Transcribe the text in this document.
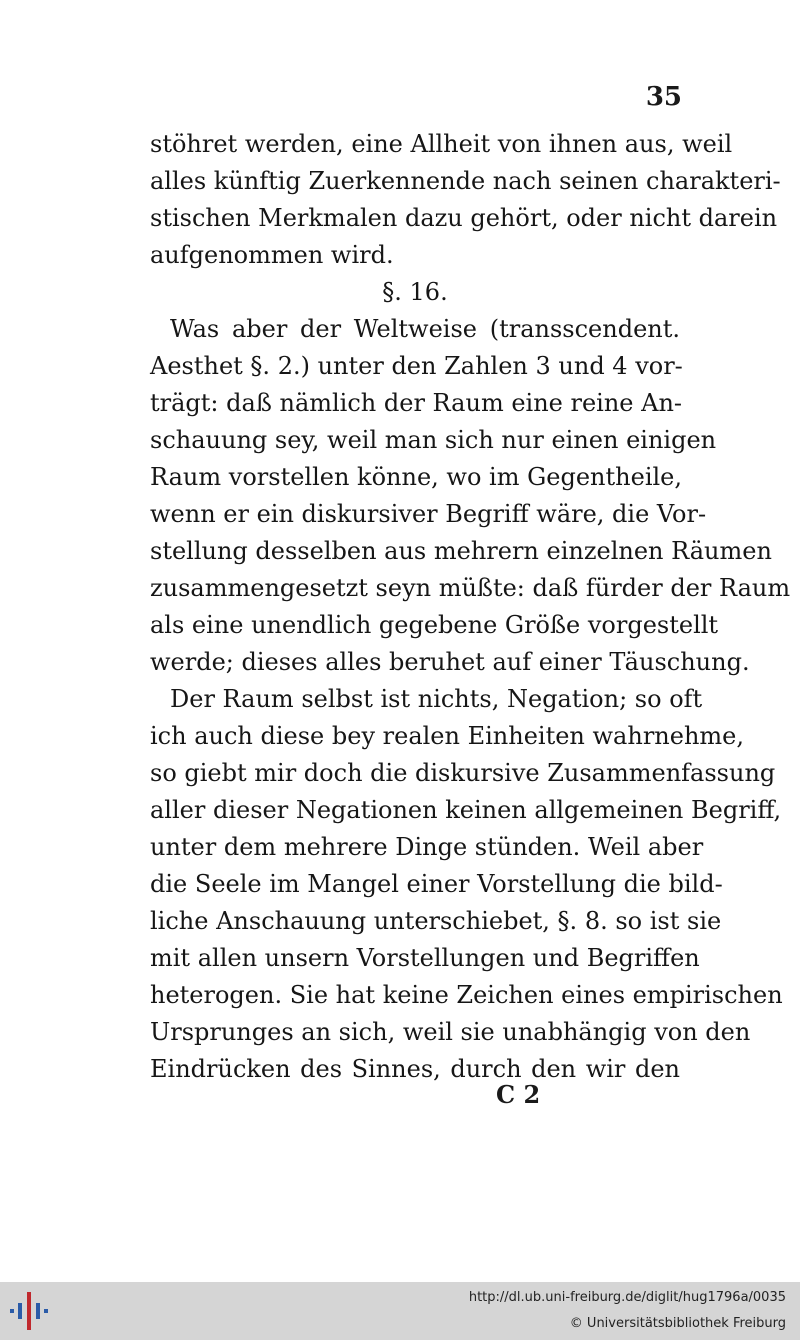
35
stöhret werden, eine Allheit von ihnen aus, weil
alles künftig Zuerkennende nach seinen charakteri-
stischen Merkmalen dazu gehört, oder nicht darein
aufgenommen wird.
§. 16.
Was aber der Weltweise (transscendent.
Aesthet §. 2.) unter den Zahlen 3 und 4 vor-
trägt: daß nämlich der Raum eine reine An-
schauung sey, weil man sich nur einen einigen
Raum vorstellen könne, wo im Gegentheile,
wenn er ein diskursiver Begriff wäre, die Vor-
stellung desselben aus mehrern einzelnen Räumen
zusammengesetzt seyn müßte: daß fürder der Raum
als eine unendlich gegebene Größe vorgestellt
werde; dieses alles beruhet auf einer Täuschung.
Der Raum selbst ist nichts, Negation; so oft
ich auch diese bey realen Einheiten wahrnehme,
so giebt mir doch die diskursive Zusammenfassung
aller dieser Negationen keinen allgemeinen Begriff,
unter dem mehrere Dinge stünden. Weil aber
die Seele im Mangel einer Vorstellung die bild-
liche Anschauung unterschiebet, §. 8. so ist sie
mit allen unsern Vorstellungen und Begriffen
heterogen. Sie hat keine Zeichen eines empirischen
Ursprunges an sich, weil sie unabhängig von den
Eindrücken des Sinnes, durch den wir den
C 2
http://dl.ub.uni-freiburg.de/diglit/hug1796a/0035
© Universitätsbibliothek Freiburg
